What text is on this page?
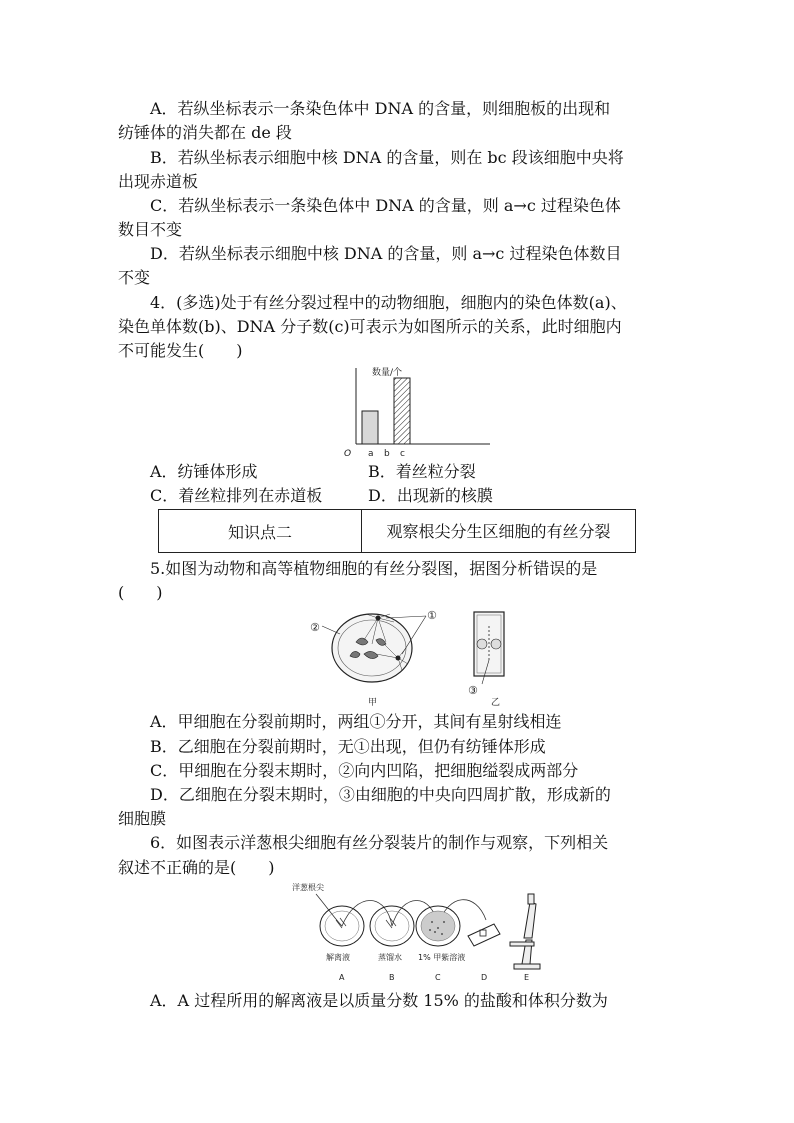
A．若纵坐标表示一条染色体中 DNA 的含量，则细胞板的出现和
纺锤体的消失都在 de 段
B．若纵坐标表示细胞中核 DNA 的含量，则在 bc 段该细胞中央将
出现赤道板
C．若纵坐标表示一条染色体中 DNA 的含量，则 a→c 过程染色体
数目不变
D．若纵坐标表示细胞中核 DNA 的含量，则 a→c 过程染色体数目
不变
4．(多选)处于有丝分裂过程中的动物细胞，细胞内的染色体数(a)、
染色单体数(b)、DNA 分子数(c)可表示为如图所示的关系，此时细胞内
不可能发生(　　)
数量/个
O a b c
A．纺锤体形成	B．着丝粒分裂
C．着丝粒排列在赤道板	D．出现新的核膜
知识点二	观察根尖分生区细胞的有丝分裂
5.如图为动物和高等植物细胞的有丝分裂图，据图分析错误的是
(　　)
②
①
甲
③
乙
A．甲细胞在分裂前期时，两组①分开，其间有星射线相连
B．乙细胞在分裂前期时，无①出现，但仍有纺锤体形成
C．甲细胞在分裂末期时，②向内凹陷，把细胞缢裂成两部分
D．乙细胞在分裂末期时，③由细胞的中央向四周扩散，形成新的
细胞膜
6．如图表示洋葱根尖细胞有丝分裂装片的制作与观察，下列相关
叙述不正确的是(　　)
洋葱根尖
解离液	蒸馏水 1% 甲紫溶液
A	B	C	D	E
A．A 过程所用的解离液是以质量分数 15% 的盐酸和体积分数为
